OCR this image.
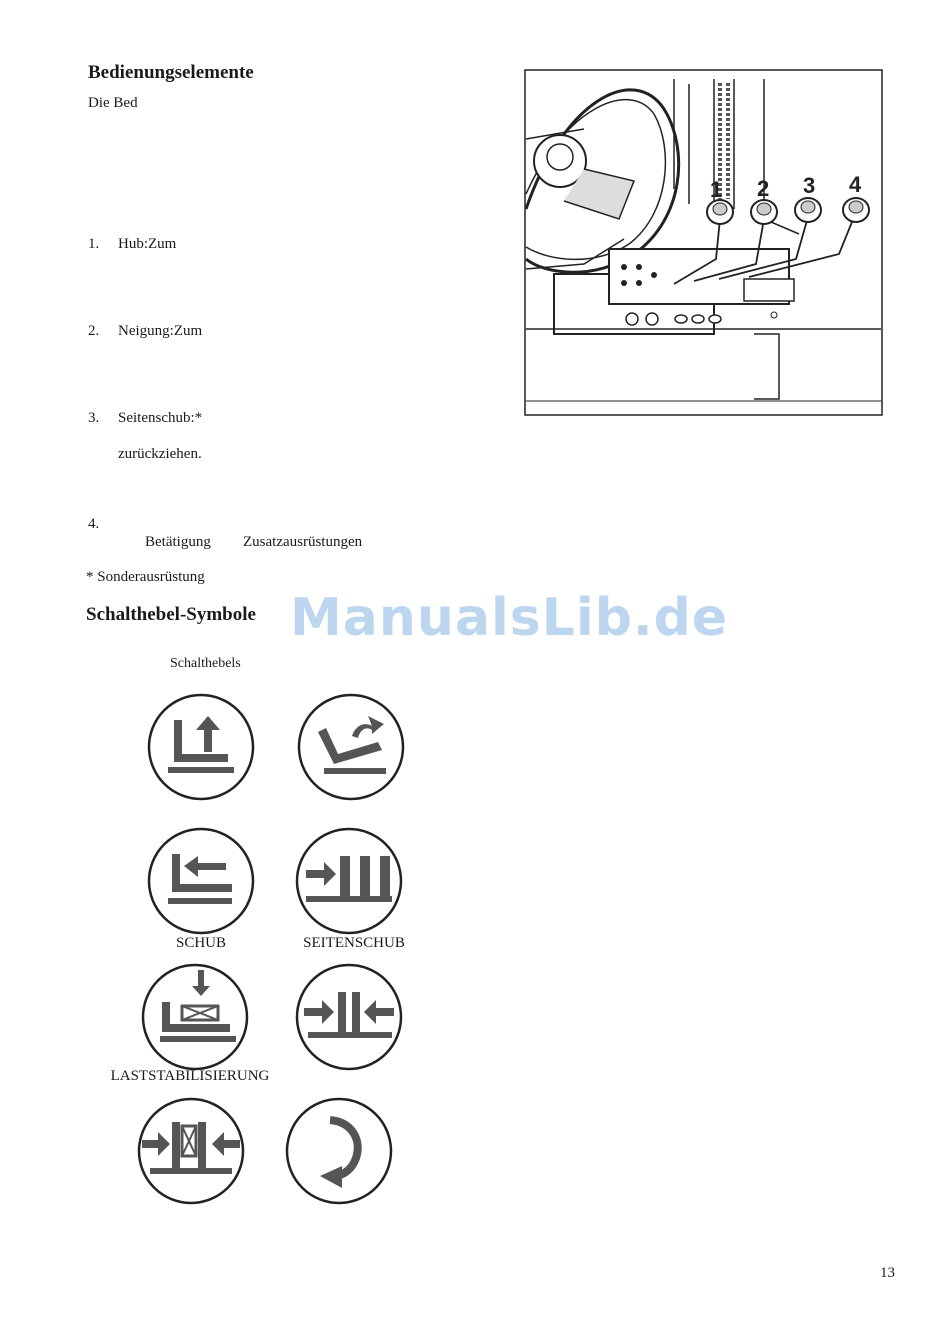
Bedienungselemente
Die Bed
1. Hub:Zum
2. Neigung:Zum
3. Seitenschub:*
zurückziehen.
4.
Betätigung Zusatzausrüstungen
* Sonderausrüstung
Schalthebel-Symbole ManualsLib.de
Schalthebels
1 2 3 4
SCHUB	SEITENSCHUB
LASTSTABILISIERUNG
13
